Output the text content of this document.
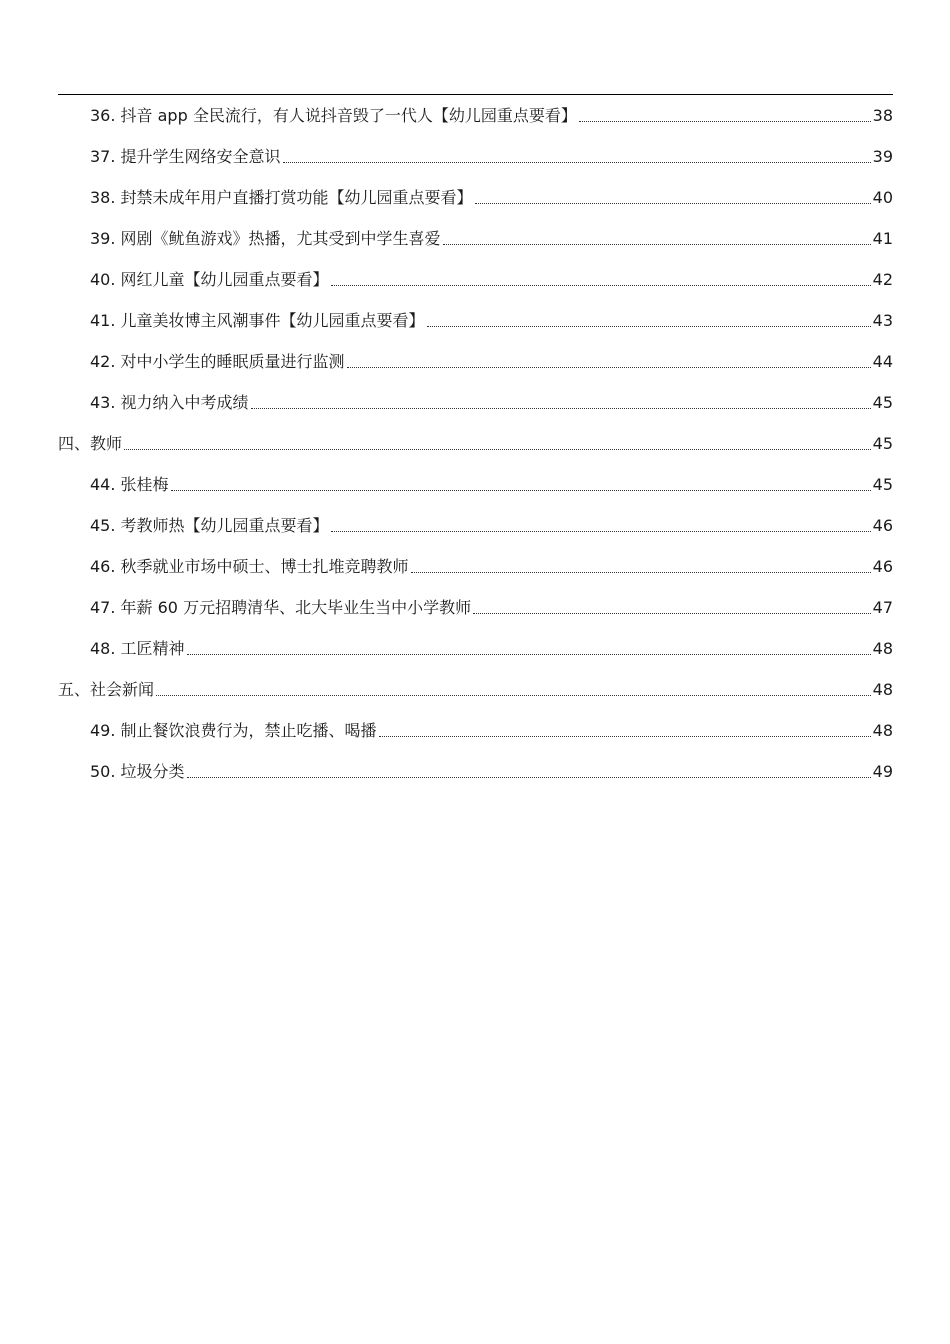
36. 抖音 app 全民流行，有人说抖音毁了一代人【幼儿园重点要看】	38
37. 提升学生网络安全意识	39
38. 封禁未成年用户直播打赏功能【幼儿园重点要看】	40
39. 网剧《鱿鱼游戏》热播，尤其受到中学生喜爱	41
40. 网红儿童【幼儿园重点要看】	42
41. 儿童美妆博主风潮事件【幼儿园重点要看】	43
42. 对中小学生的睡眠质量进行监测	44
43. 视力纳入中考成绩	45
四、教师	45
44. 张桂梅	45
45. 考教师热【幼儿园重点要看】	46
46. 秋季就业市场中硕士、博士扎堆竞聘教师	46
47. 年薪 60 万元招聘清华、北大毕业生当中小学教师	47
48. 工匠精神	48
五、社会新闻	48
49. 制止餐饮浪费行为，禁止吃播、喝播	48
50. 垃圾分类	49
